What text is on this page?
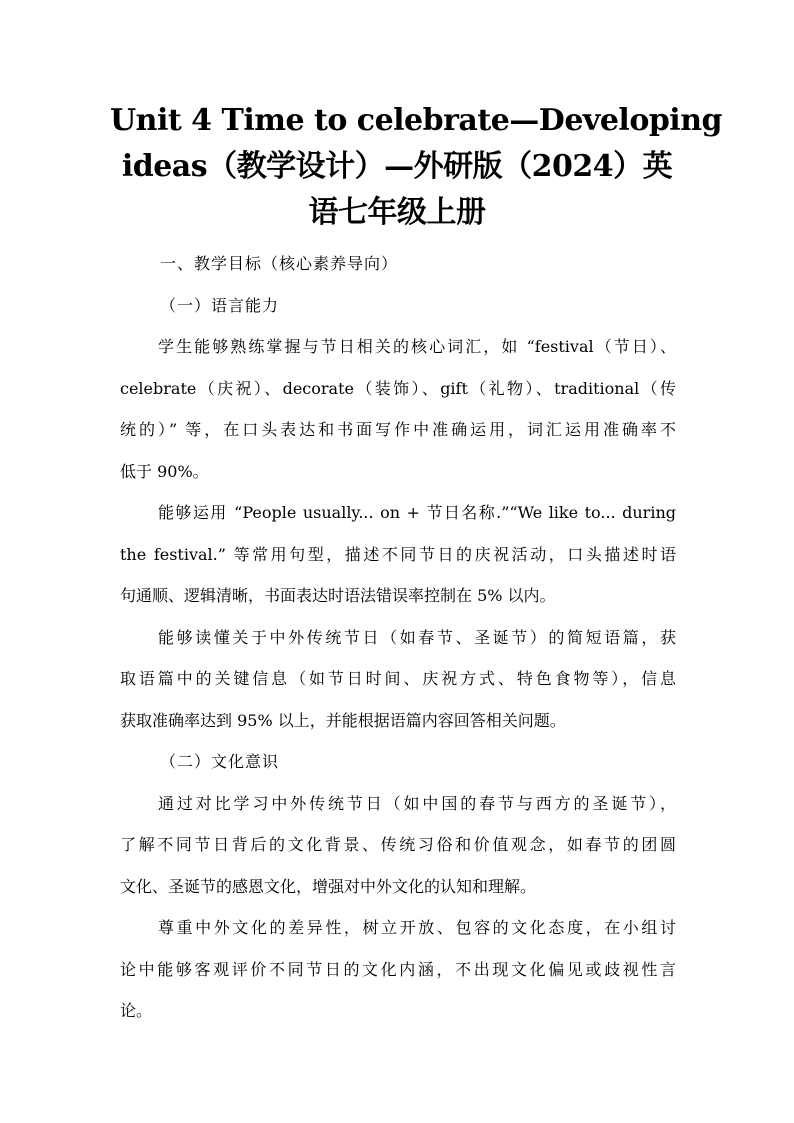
Unit 4 Time to celebrate—Developing
ideas（教学设计）—外研版（2024）英
语七年级上册
一、教学目标（核心素养导向）
（一）语言能力
学生能够熟练掌握与节日相关的核心词汇，如 “festival（节日）、
celebrate（庆祝）、decorate（装饰）、gift（礼物）、traditional（传
统的）” 等，在口头表达和书面写作中准确运用，词汇运用准确率不
低于 90%。
能够运用 “People usually... on + 节日名称.”“We like to... during
the festival.” 等常用句型，描述不同节日的庆祝活动，口头描述时语
句通顺、逻辑清晰，书面表达时语法错误率控制在 5% 以内。
能够读懂关于中外传统节日（如春节、圣诞节）的简短语篇，获
取语篇中的关键信息（如节日时间、庆祝方式、特色食物等），信息
获取准确率达到 95% 以上，并能根据语篇内容回答相关问题。
（二）文化意识
通过对比学习中外传统节日（如中国的春节与西方的圣诞节），
了解不同节日背后的文化背景、传统习俗和价值观念，如春节的团圆
文化、圣诞节的感恩文化，增强对中外文化的认知和理解。
尊重中外文化的差异性，树立开放、包容的文化态度，在小组讨
论中能够客观评价不同节日的文化内涵，不出现文化偏见或歧视性言
论。
